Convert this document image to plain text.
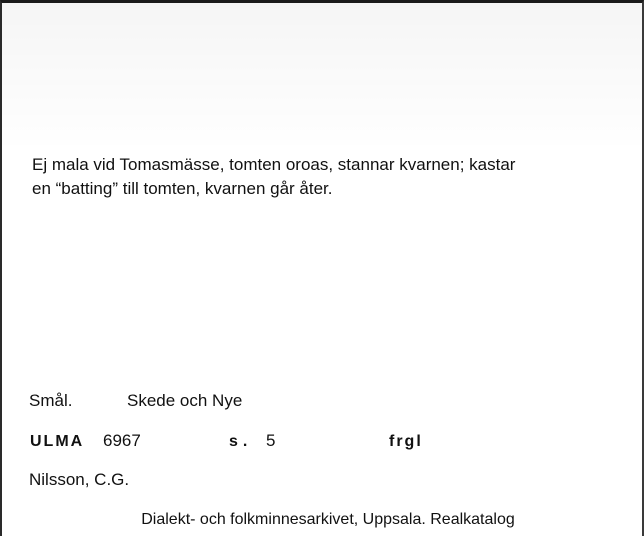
Ej mala vid Tomasmässe, tomten oroas, stannar kvarnen; kastar
en “batting” till tomten, kvarnen går åter.

Smål.	Skede och Nye
ULMA 6967	s. 5	frgl
Nilsson, C.G.
Dialekt- och folkminnesarkivet, Uppsala. Realkatalog
